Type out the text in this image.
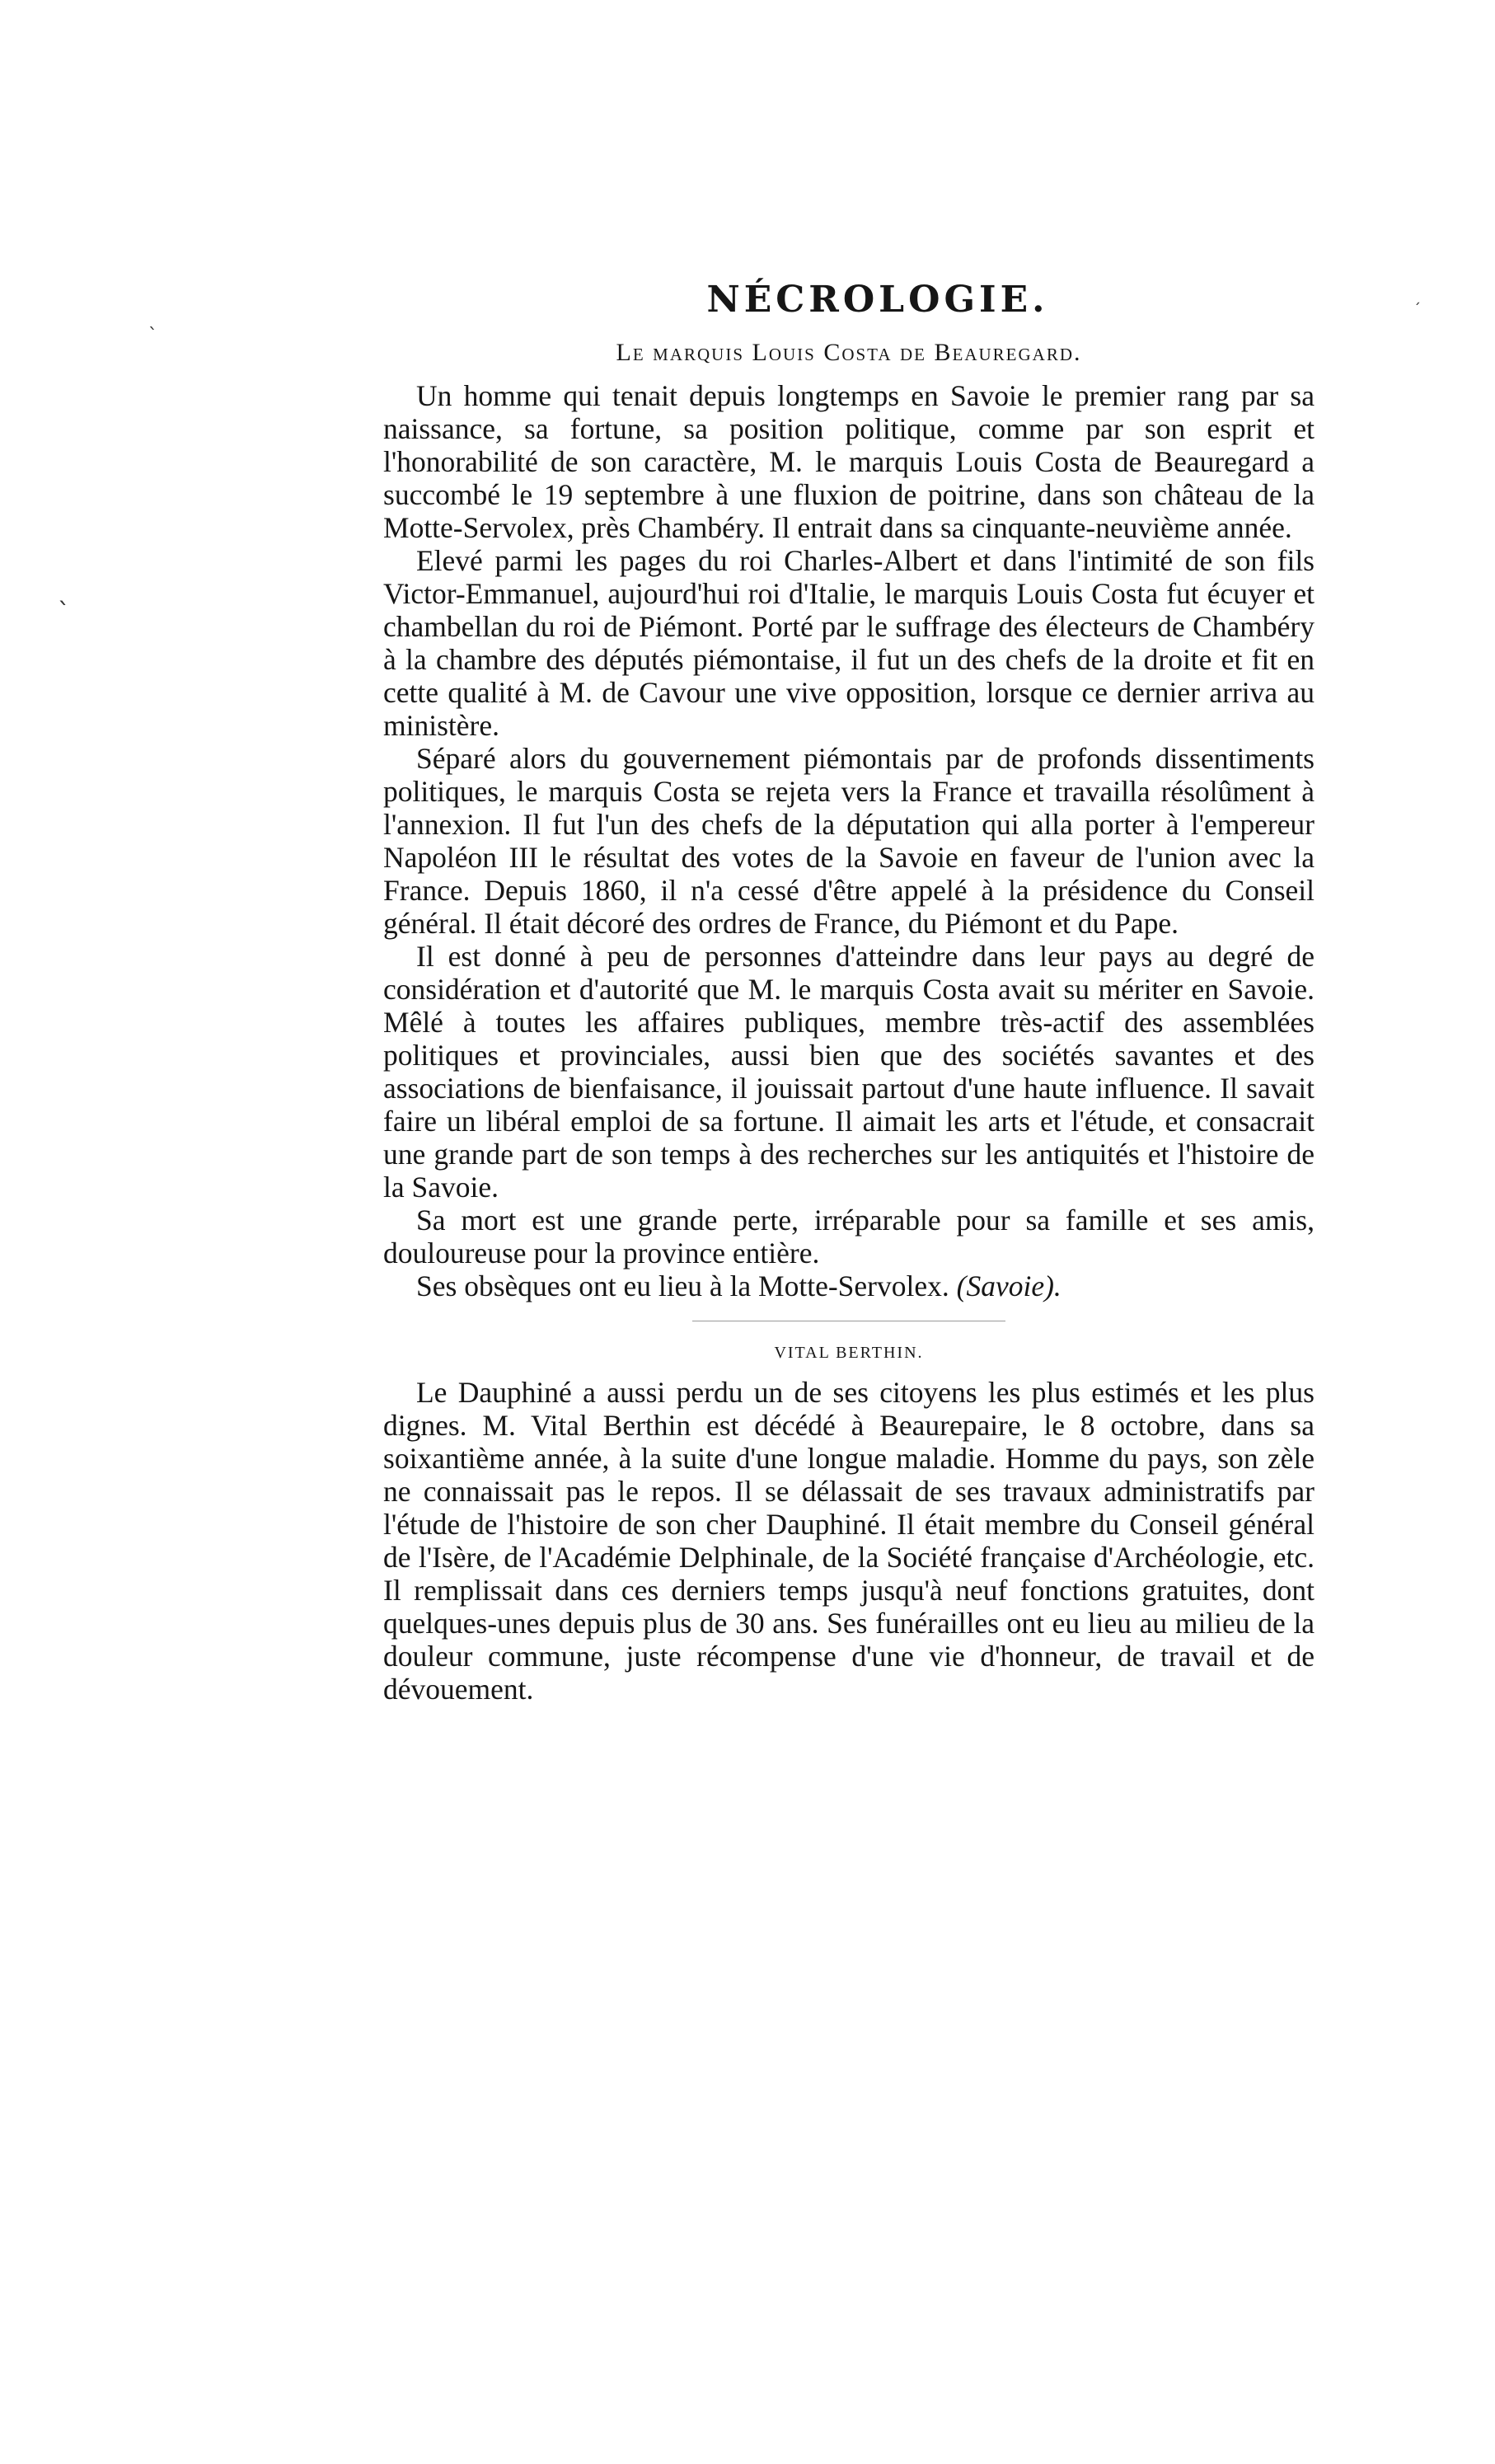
ˋ
ˎ
ˏ
NÉCROLOGIE.
Le marquis Louis Costa de Beauregard.

Un homme qui tenait depuis longtemps en Savoie le premier rang par sa naissance, sa fortune, sa position politique, comme par son esprit et l'honorabilité de son caractère, M. le marquis Louis Costa de Beauregard a succombé le 19 septembre à une fluxion de poitrine, dans son château de la Motte-Servolex, près Chambéry. Il entrait dans sa cinquante-neuvième année.

Elevé parmi les pages du roi Charles-Albert et dans l'intimité de son fils Victor-Emmanuel, aujourd'hui roi d'Italie, le marquis Louis Costa fut écuyer et chambellan du roi de Piémont. Porté par le suffrage des électeurs de Chambéry à la chambre des députés piémontaise, il fut un des chefs de la droite et fit en cette qualité à M. de Cavour une vive opposition, lorsque ce dernier arriva au ministère.

Séparé alors du gouvernement piémontais par de profonds dissentiments politiques, le marquis Costa se rejeta vers la France et travailla résolûment à l'annexion. Il fut l'un des chefs de la députation qui alla porter à l'empereur Napoléon III le résultat des votes de la Savoie en faveur de l'union avec la France. Depuis 1860, il n'a cessé d'être appelé à la présidence du Conseil général. Il était décoré des ordres de France, du Piémont et du Pape.

Il est donné à peu de personnes d'atteindre dans leur pays au degré de considération et d'autorité que M. le marquis Costa avait su mériter en Savoie. Mêlé à toutes les affaires publiques, membre très-actif des assemblées politiques et provinciales, aussi bien que des sociétés savantes et des associations de bienfaisance, il jouissait partout d'une haute influence. Il savait faire un libéral emploi de sa fortune. Il aimait les arts et l'étude, et consacrait une grande part de son temps à des recherches sur les antiquités et l'histoire de la Savoie.

Sa mort est une grande perte, irréparable pour sa famille et ses amis, douloureuse pour la province entière.

Ses obsèques ont eu lieu à la Motte-Servolex. (Savoie).

VITAL BERTHIN.

Le Dauphiné a aussi perdu un de ses citoyens les plus estimés et les plus dignes. M. Vital Berthin est décédé à Beaurepaire, le 8 octobre, dans sa soixantième année, à la suite d'une longue maladie. Homme du pays, son zèle ne connaissait pas le repos. Il se délassait de ses travaux administratifs par l'étude de l'histoire de son cher Dauphiné. Il était membre du Conseil général de l'Isère, de l'Académie Delphinale, de la Société française d'Archéologie, etc. Il remplissait dans ces derniers temps jusqu'à neuf fonctions gratuites, dont quelques-unes depuis plus de 30 ans. Ses funérailles ont eu lieu au milieu de la douleur commune, juste récompense d'une vie d'honneur, de travail et de dévouement.
